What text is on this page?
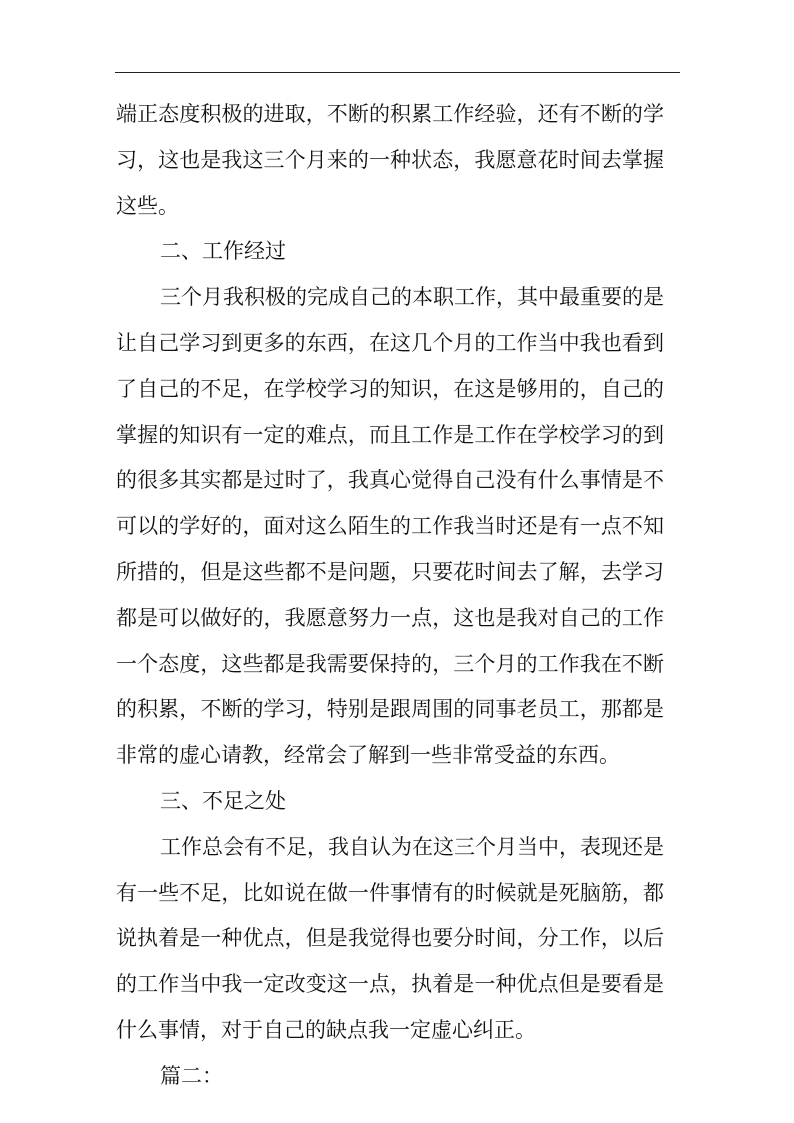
端正态度积极的进取，不断的积累工作经验，还有不断的学习，这也是我这三个月来的一种状态，我愿意花时间去掌握这些。

二、工作经过

三个月我积极的完成自己的本职工作，其中最重要的是让自己学习到更多的东西，在这几个月的工作当中我也看到了自己的不足，在学校学习的知识，在这是够用的，自己的掌握的知识有一定的难点，而且工作是工作在学校学习的到的很多其实都是过时了，我真心觉得自己没有什么事情是不可以的学好的，面对这么陌生的工作我当时还是有一点不知所措的，但是这些都不是问题，只要花时间去了解，去学习都是可以做好的，我愿意努力一点，这也是我对自己的工作一个态度，这些都是我需要保持的，三个月的工作我在不断的积累，不断的学习，特别是跟周围的同事老员工，那都是非常的虚心请教，经常会了解到一些非常受益的东西。

三、不足之处

工作总会有不足，我自认为在这三个月当中，表现还是有一些不足，比如说在做一件事情有的时候就是死脑筋，都说执着是一种优点，但是我觉得也要分时间，分工作，以后的工作当中我一定改变这一点，执着是一种优点但是要看是什么事情，对于自己的缺点我一定虚心纠正。

篇二：
